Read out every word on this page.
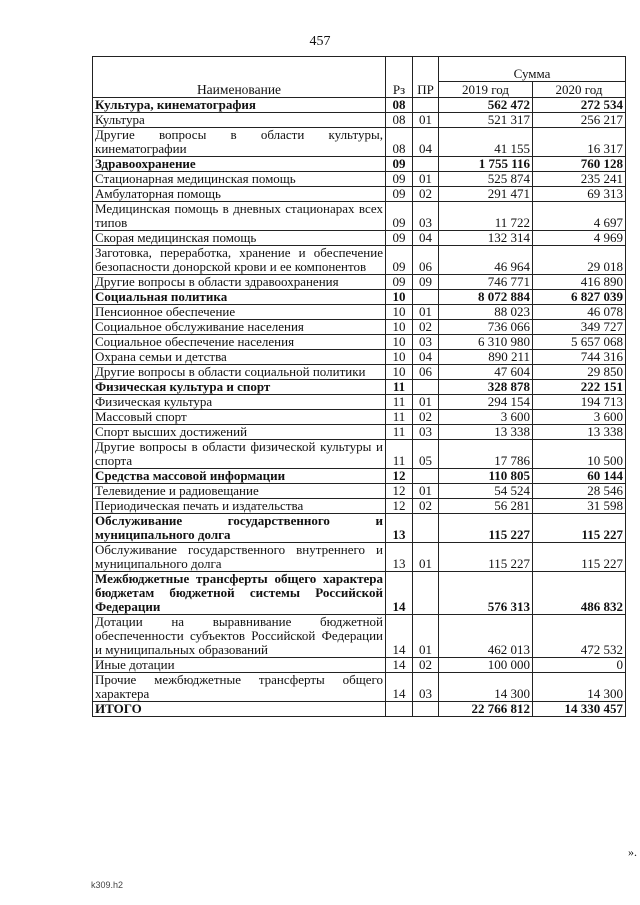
457
Наименование	Рз	ПР	Сумма	
			2019 год	2020 год
Культура, кинематография	08		562 472	272 534
Культура	08	01	521 317	256 217
Другие вопросы в области культуры, кинематографии	08	04	41 155	16 317
Здравоохранение	09		1 755 116	760 128
Стационарная медицинская помощь	09	01	525 874	235 241
Амбулаторная помощь	09	02	291 471	69 313
Медицинская помощь в дневных стационарах всех типов	09	03	11 722	4 697
Скорая медицинская помощь	09	04	132 314	4 969
Заготовка, переработка, хранение и обеспечение безопасности донорской крови и ее компонентов	09	06	46 964	29 018
Другие вопросы в области здравоохранения	09	09	746 771	416 890
Социальная политика	10		8 072 884	6 827 039
Пенсионное обеспечение	10	01	88 023	46 078
Социальное обслуживание населения	10	02	736 066	349 727
Социальное обеспечение населения	10	03	6 310 980	5 657 068
Охрана семьи и детства	10	04	890 211	744 316
Другие вопросы в области социальной политики	10	06	47 604	29 850
Физическая культура и спорт	11		328 878	222 151
Физическая культура	11	01	294 154	194 713
Массовый спорт	11	02	3 600	3 600
Спорт высших достижений	11	03	13 338	13 338
Другие вопросы в области физической культуры и спорта	11	05	17 786	10 500
Средства массовой информации	12		110 805	60 144
Телевидение и радиовещание	12	01	54 524	28 546
Периодическая печать и издательства	12	02	56 281	31 598
Обслуживание государственного и муниципального долга	13		115 227	115 227
Обслуживание государственного внутреннего и муниципального долга	13	01	115 227	115 227
Межбюджетные трансферты общего характера бюджетам бюджетной системы Российской Федерации	14		576 313	486 832
Дотации на выравнивание бюджетной обеспеченности субъектов Российской Федерации и муниципальных образований	14	01	462 013	472 532
Иные дотации	14	02	100 000	0
Прочие межбюджетные трансферты общего характера	14	03	14 300	14 300
ИТОГО			22 766 812	14 330 457
».
k309.h2
